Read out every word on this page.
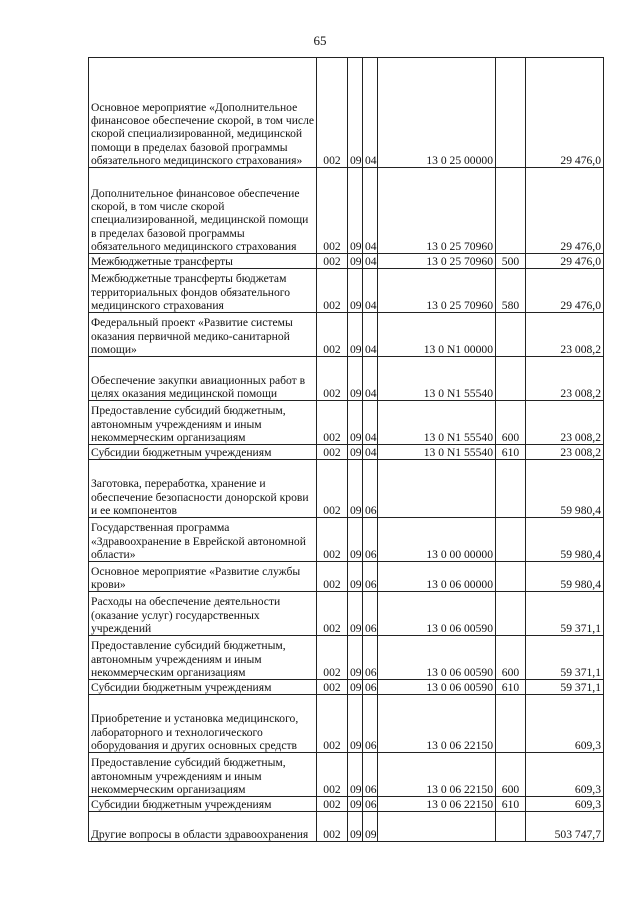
65
Основное мероприятие «Дополнительное финансовое обеспечение скорой, в том числе скорой специализированной, медицинской помощи в пределах базовой программы обязательного медицинского страхования»	002	09	04	13 0 25 00000		29 476,0
Дополнительное финансовое обеспечение скорой, в том числе скорой специализированной, медицинской помощи в пределах базовой программы обязательного медицинского страхования	002	09	04	13 0 25 70960		29 476,0
Межбюджетные трансферты	002	09	04	13 0 25 70960	500	29 476,0
Межбюджетные трансферты бюджетам территориальных фондов обязательного медицинского страхования	002	09	04	13 0 25 70960	580	29 476,0
Федеральный проект «Развитие системы оказания первичной медико-санитарной помощи»	002	09	04	13 0 N1 00000		23 008,2
Обеспечение закупки авиационных работ в целях оказания медицинской помощи	002	09	04	13 0 N1 55540		23 008,2
Предоставление субсидий бюджетным, автономным учреждениям и иным некоммерческим организациям	002	09	04	13 0 N1 55540	600	23 008,2
Субсидии бюджетным учреждениям	002	09	04	13 0 N1 55540	610	23 008,2
Заготовка, переработка, хранение и обеспечение безопасности донорской крови и ее компонентов	002	09	06			59 980,4
Государственная программа «Здравоохранение в Еврейской автономной области»	002	09	06	13 0 00 00000		59 980,4
Основное мероприятие «Развитие службы крови»	002	09	06	13 0 06 00000		59 980,4
Расходы на обеспечение деятельности (оказание услуг) государственных учреждений	002	09	06	13 0 06 00590		59 371,1
Предоставление субсидий бюджетным, автономным учреждениям и иным некоммерческим организациям	002	09	06	13 0 06 00590	600	59 371,1
Субсидии бюджетным учреждениям	002	09	06	13 0 06 00590	610	59 371,1
Приобретение и установка медицинского, лабораторного и технологического оборудования и других основных средств	002	09	06	13 0 06 22150		609,3
Предоставление субсидий бюджетным, автономным учреждениям и иным некоммерческим организациям	002	09	06	13 0 06 22150	600	609,3
Субсидии бюджетным учреждениям	002	09	06	13 0 06 22150	610	609,3
Другие вопросы в области здравоохранения	002	09	09			503 747,7
